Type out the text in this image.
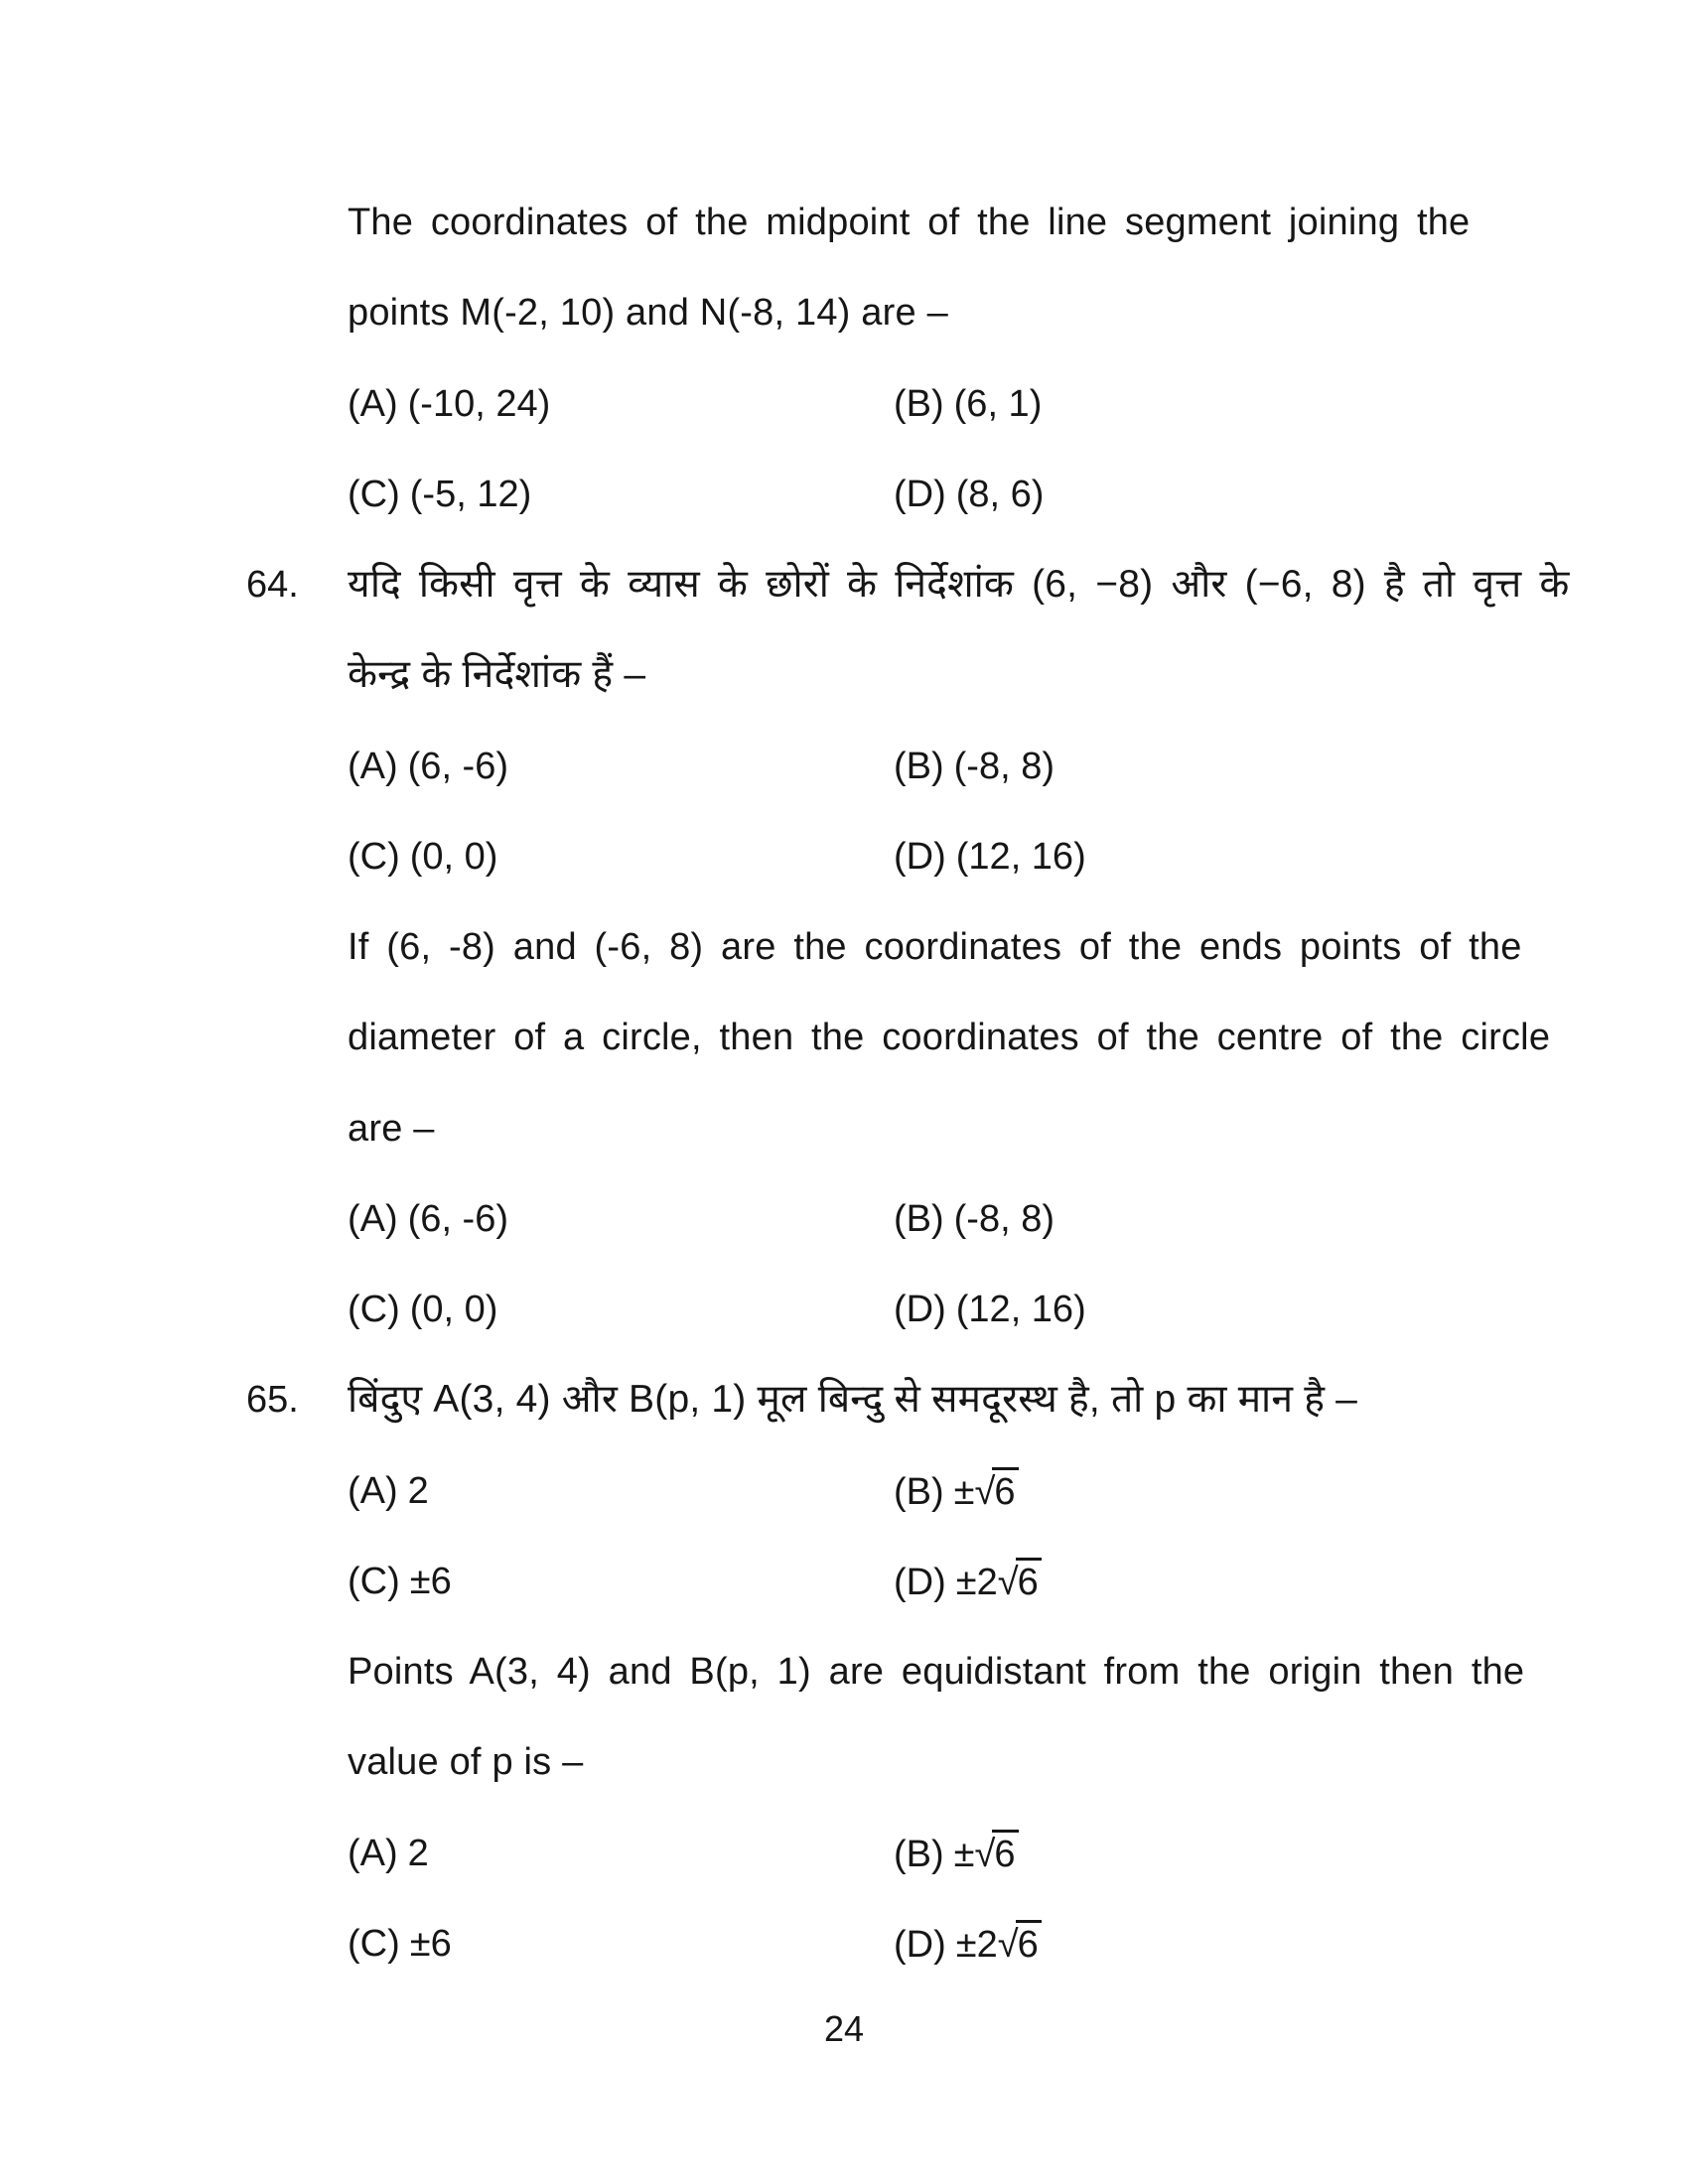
The coordinates of the midpoint of the line segment joining the
points M(-2, 10) and N(-8, 14) are –
(A) (-10, 24)	(B) (6, 1)
(C) (-5, 12)	(D) (8, 6)
64. यदि किसी वृत्त के व्यास के छोरों के निर्देशांक (6, −8) और (−6, 8) है तो वृत्त के
केन्द्र के निर्देशांक हैं –
(A) (6, -6)	(B) (-8, 8)
(C) (0, 0)	(D) (12, 16)
If (6, -8) and (-6, 8) are the coordinates of the ends points of the
diameter of a circle, then the coordinates of the centre of the circle
are –
(A) (6, -6)	(B) (-8, 8)
(C) (0, 0)	(D) (12, 16)
65. बिंदुए A(3, 4) और B(p, 1) मूल बिन्दु से समदूरस्थ है, तो p का मान है –
(A) 2	(B) ±√6
(C) ±6	(D) ±2√6
Points A(3, 4) and B(p, 1) are equidistant from the origin then the
value of p is –
(A) 2	(B) ±√6
(C) ±6	(D) ±2√6
24
